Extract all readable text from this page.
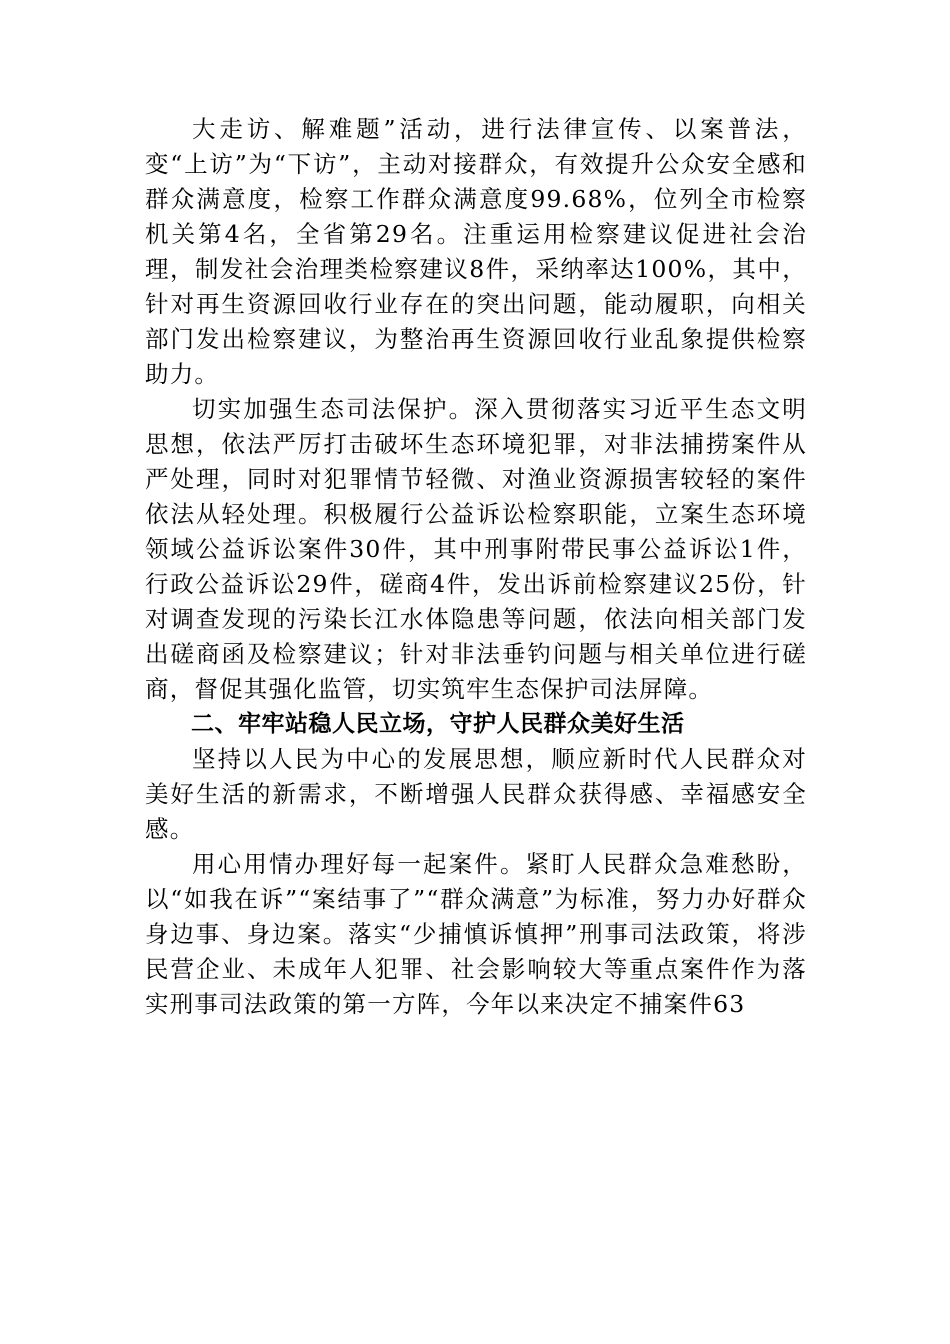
大走访、解难题”活动，进行法律宣传、以案普法，变“上访”为“下访”，主动对接群众，有效提升公众安全感和群众满意度，检察工作群众满意度99.68%，位列全市检察机关第4名，全省第29名。注重运用检察建议促进社会治理，制发社会治理类检察建议8件，采纳率达100%，其中，针对再生资源回收行业存在的突出问题，能动履职，向相关部门发出检察建议，为整治再生资源回收行业乱象提供检察助力。

切实加强生态司法保护。深入贯彻落实习近平生态文明思想，依法严厉打击破坏生态环境犯罪，对非法捕捞案件从严处理，同时对犯罪情节轻微、对渔业资源损害较轻的案件依法从轻处理。积极履行公益诉讼检察职能，立案生态环境领域公益诉讼案件30件，其中刑事附带民事公益诉讼1件，行政公益诉讼29件，磋商4件，发出诉前检察建议25份，针对调查发现的污染长江水体隐患等问题，依法向相关部门发出磋商函及检察建议；针对非法垂钓问题与相关单位进行磋商，督促其强化监管，切实筑牢生态保护司法屏障。

二、牢牢站稳人民立场，守护人民群众美好生活

坚持以人民为中心的发展思想，顺应新时代人民群众对美好生活的新需求，不断增强人民群众获得感、幸福感安全感。

用心用情办理好每一起案件。紧盯人民群众急难愁盼，以“如我在诉”“案结事了”“群众满意”为标准，努力办好群众身边事、身边案。落实“少捕慎诉慎押”刑事司法政策，将涉民营企业、未成年人犯罪、社会影响较大等重点案件作为落实刑事司法政策的第一方阵，今年以来决定不捕案件63
